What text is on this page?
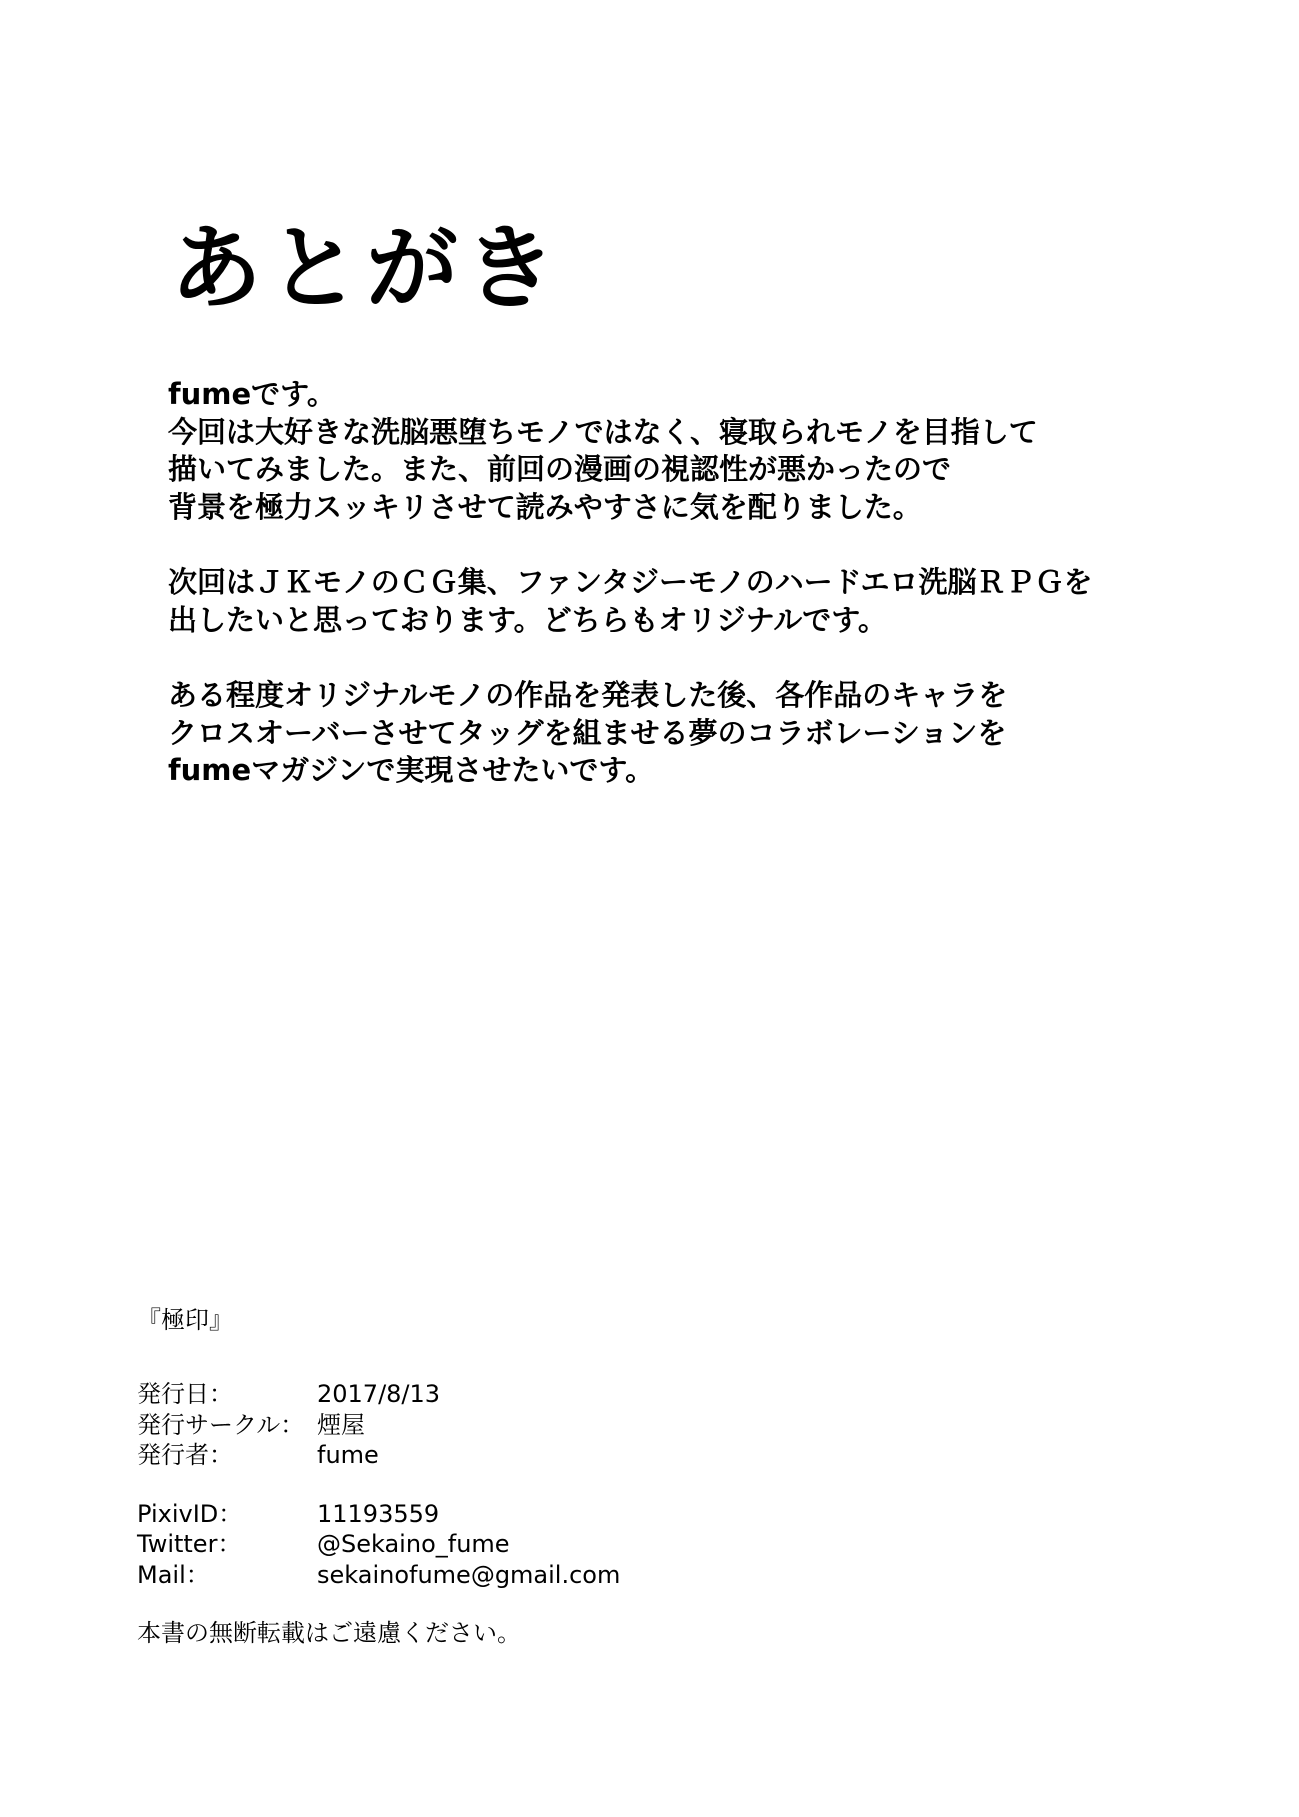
あとがき
fumeです。
今回は大好きな洗脳悪堕ちモノではなく、寝取られモノを目指して
描いてみました。また、前回の漫画の視認性が悪かったので
背景を極力スッキリさせて読みやすさに気を配りました。
次回はＪＫモノのＣＧ集、ファンタジーモノのハードエロ洗脳ＲＰＧを
出したいと思っております。どちらもオリジナルです。
ある程度オリジナルモノの作品を発表した後、各作品のキャラを
クロスオーバーさせてタッグを組ませる夢のコラボレーションを
fumeマガジンで実現させたいです。
『極印』
発行日：	2017/8/13
発行サークル： 煙屋
発行者：	fume
PixivID：	11193559
Twitter：	@Sekaino_fume
Mail：	sekainofume@gmail.com
本書の無断転載はご遠慮ください。
